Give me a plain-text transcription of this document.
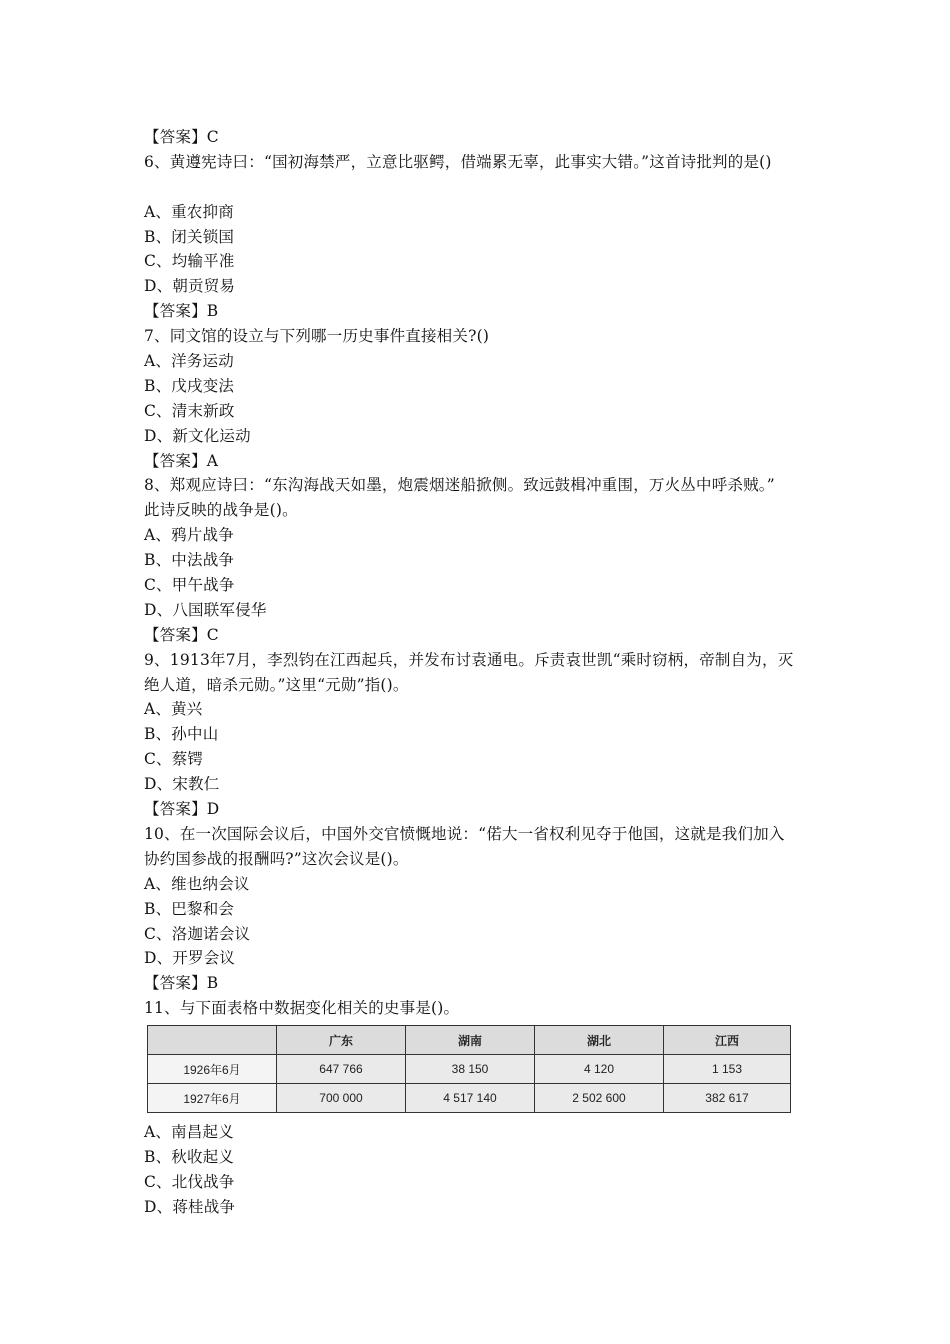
【答案】C
6、黄遵宪诗曰：“国初海禁严，立意比驱鳄，借端累无辜，此事实大错。”这首诗批判的是()
A、重农抑商
B、闭关锁国
C、均输平准
D、朝贡贸易
【答案】B
7、同文馆的设立与下列哪一历史事件直接相关?()
A、洋务运动
B、戊戌变法
C、清末新政
D、新文化运动
【答案】A
8、郑观应诗曰：“东沟海战天如墨，炮震烟迷船掀侧。致远鼓楫冲重围，万火丛中呼杀贼。”
此诗反映的战争是()。
A、鸦片战争
B、中法战争
C、甲午战争
D、八国联军侵华
【答案】C
9、1913年7月，李烈钧在江西起兵，并发布讨袁通电。斥责袁世凯“乘时窃柄，帝制自为，灭
绝人道，暗杀元勋。”这里“元勋”指()。
A、黄兴
B、孙中山
C、蔡锷
D、宋教仁
【答案】D
10、在一次国际会议后，中国外交官愤慨地说：“偌大一省权利见夺于他国，这就是我们加入
协约国参战的报酬吗?”这次会议是()。
A、维也纳会议
B、巴黎和会
C、洛迦诺会议
D、开罗会议
【答案】B
11、与下面表格中数据变化相关的史事是()。
	广东	湖南	湖北	江西
1926年6月	647 766	38 150	4 120	1 153
1927年6月	700 000	4 517 140	2 502 600	382 617
A、南昌起义
B、秋收起义
C、北伐战争
D、蒋桂战争
